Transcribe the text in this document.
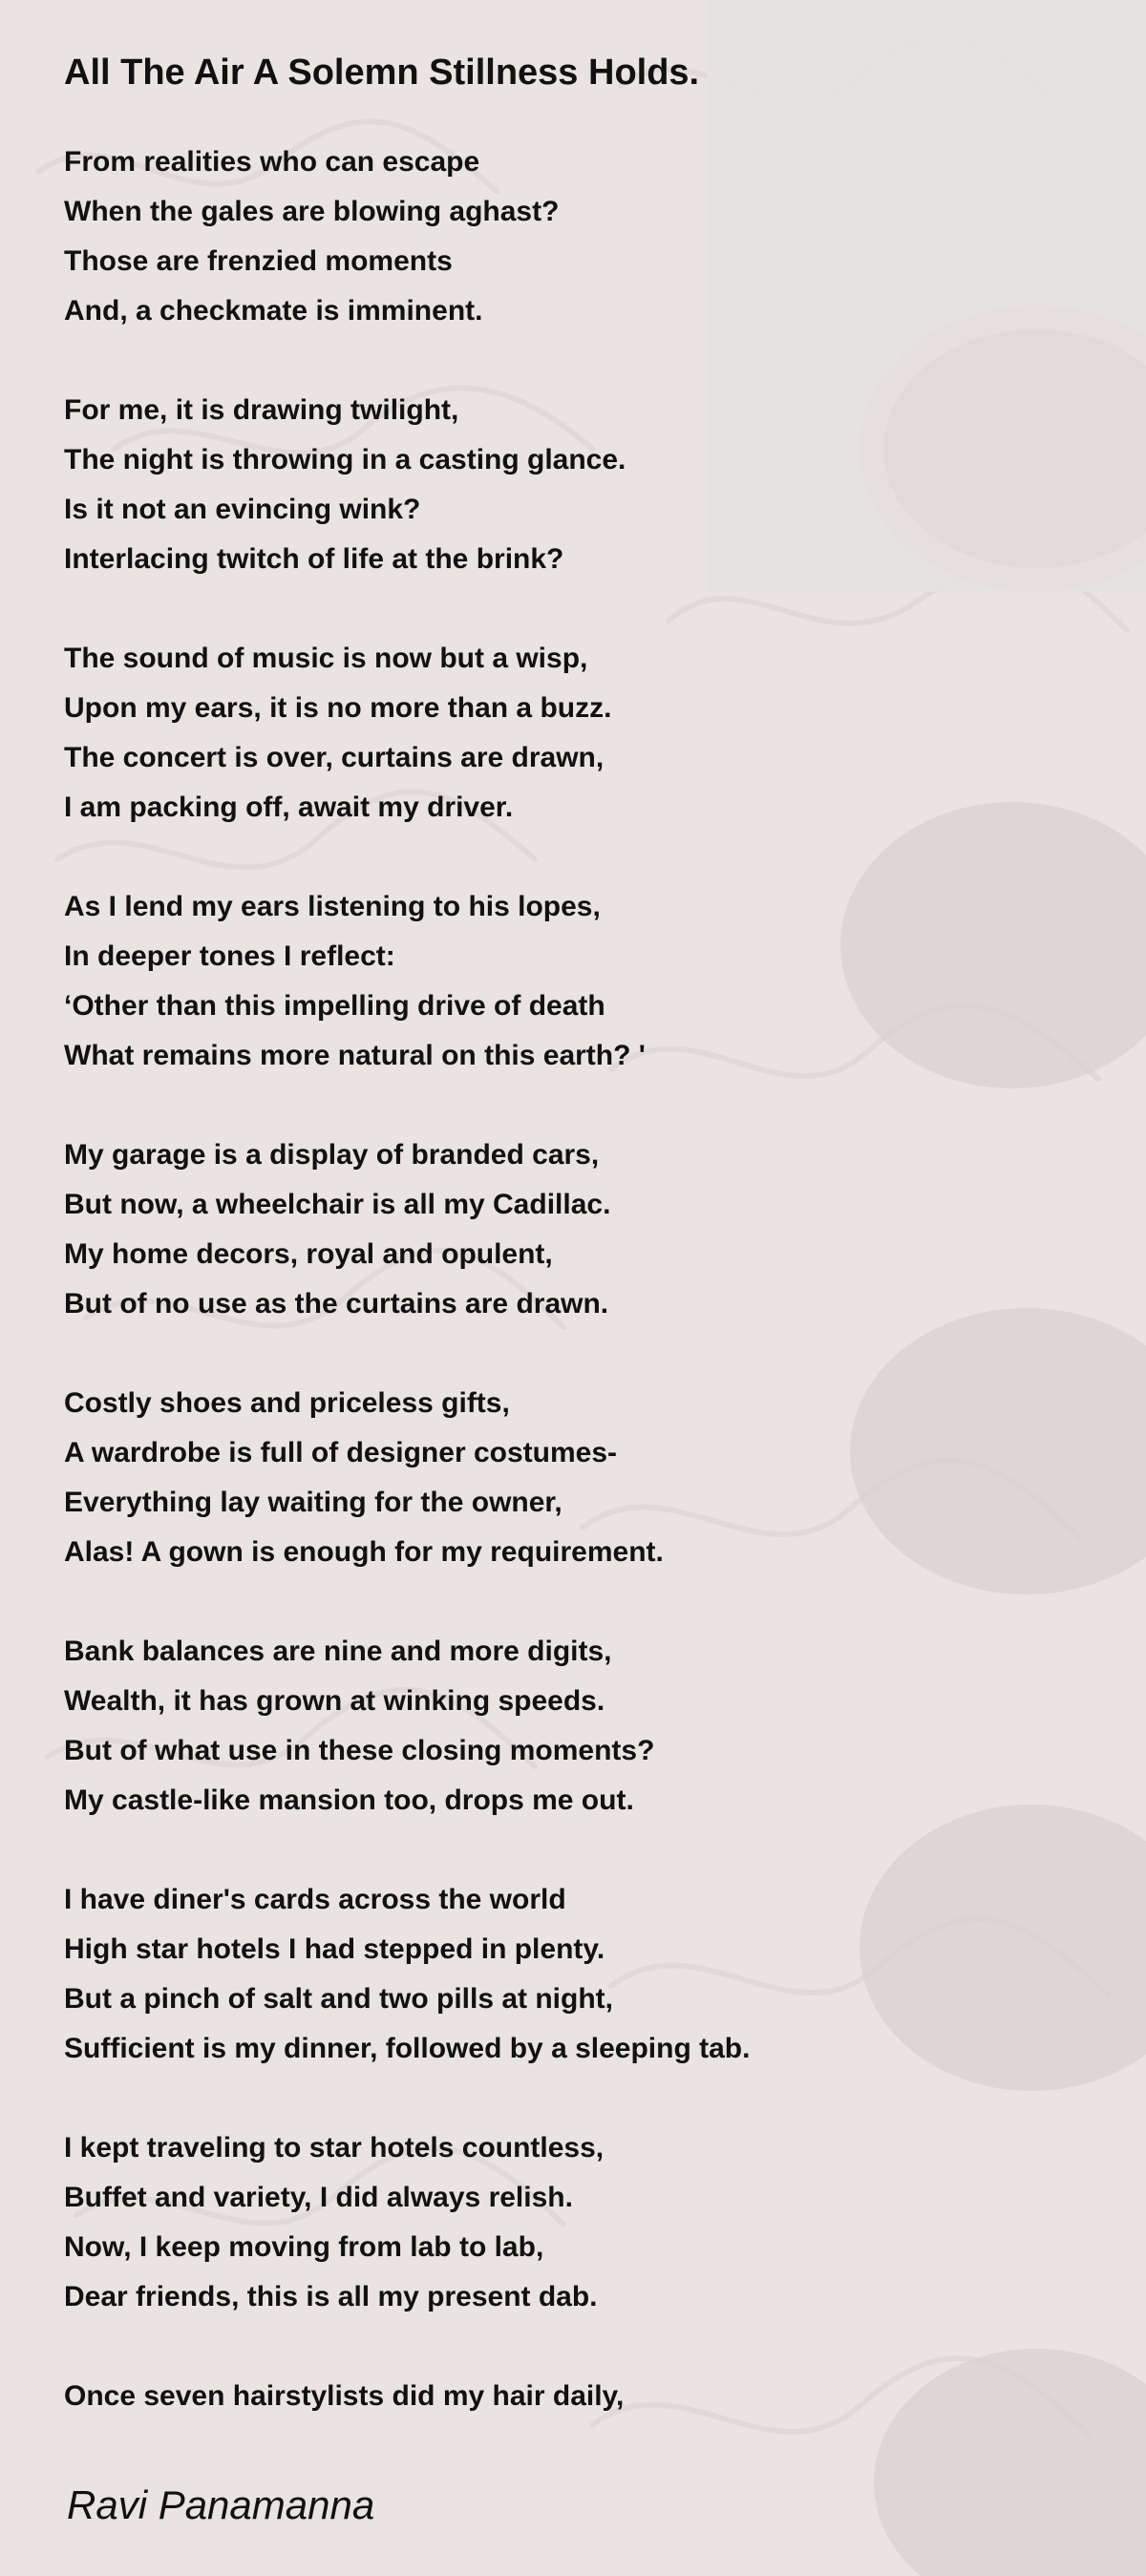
All The Air A Solemn Stillness Holds.
From realities who can escape
When the gales are blowing aghast?
Those are frenzied moments
And, a checkmate is imminent.
For me, it is drawing twilight,
The night is throwing in a casting glance.
Is it not an evincing wink?
Interlacing twitch of life at the brink?
The sound of music is now but a wisp,
Upon my ears, it is no more than a buzz.
The concert is over, curtains are drawn,
I am packing off, await my driver.
As I lend my ears listening to his lopes,
In deeper tones I reflect:
‘Other than this impelling drive of death
What remains more natural on this earth? '
My garage is a display of branded cars,
But now, a wheelchair is all my Cadillac.
My home decors, royal and opulent,
But of no use as the curtains are drawn.
Costly shoes and priceless gifts,
A wardrobe is full of designer costumes-
Everything lay waiting for the owner,
Alas! A gown is enough for my requirement.
Bank balances are nine and more digits,
Wealth, it has grown at winking speeds.
But of what use in these closing moments?
My castle-like mansion too, drops me out.
I have diner's cards across the world
High star hotels I had stepped in plenty.
But a pinch of salt and two pills at night,
Sufficient is my dinner, followed by a sleeping tab.
I kept traveling to star hotels countless,
Buffet and variety, I did always relish.
Now, I keep moving from lab to lab,
Dear friends, this is all my present dab.
Once seven hairstylists did my hair daily,
Ravi Panamanna
